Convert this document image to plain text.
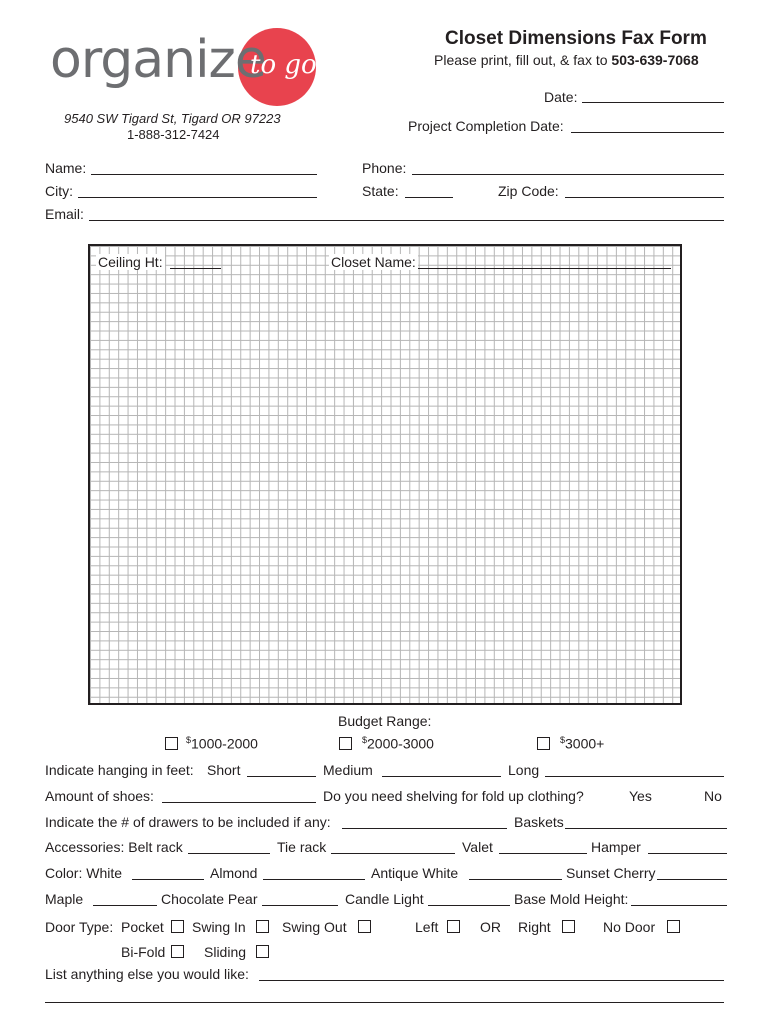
organize
to go
Closet Dimensions Fax Form
Please print, fill out, & fax to 503-639-7068
9540 SW Tigard St, Tigard OR 97223
1-888-312-7424
Date:
Project Completion Date:
Name:	Phone:
City:	State:	Zip Code:
Email:
Ceiling Ht:	Closet Name:
Budget Range:
$1000-2000	$2000-3000	$3000+
Indicate hanging in feet: Short	Medium	Long
Amount of shoes:	Do you need shelving for fold up clothing?	Yes	No
Indicate the # of drawers to be included if any:	Baskets
Accessories: Belt rack	Tie rack	Valet	Hamper
Color: White	Almond	Antique White	Sunset Cherry
Maple	Chocolate Pear	Candle Light	Base Mold Height:
Door Type: Pocket Swing In	Swing Out	Left	OR Right	No Door
Bi-Fold	Sliding
List anything else you would like:
